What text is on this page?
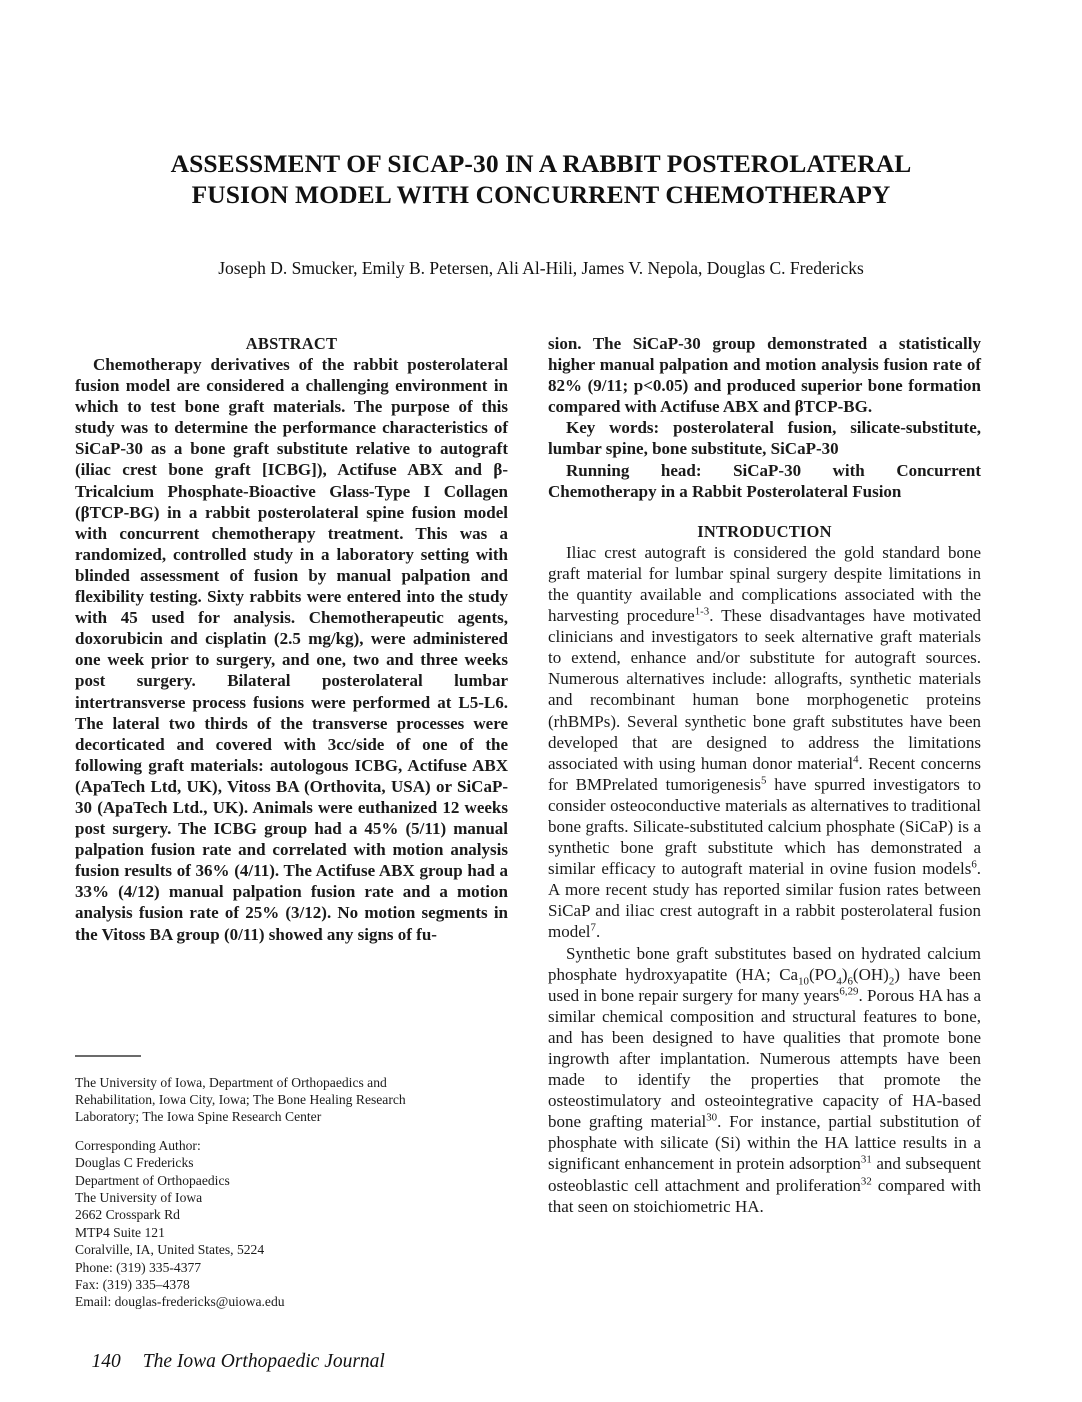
ASSESSMENT OF SICAP-30 IN A RABBIT POSTEROLATERAL
FUSION MODEL WITH CONCURRENT CHEMOTHERAPY

Joseph D. Smucker, Emily B. Petersen, Ali Al-Hili, James V. Nepola, Douglas C. Fredericks

ABSTRACT

Chemotherapy derivatives of the rabbit posterolateral fusion model are considered a challenging environment in which to test bone graft materials. The purpose of this study was to determine the performance characteristics of SiCaP-30 as a bone graft substitute relative to autograft (iliac crest bone graft [ICBG]), Actifuse ABX and β-Tricalcium Phosphate-Bioactive Glass-Type I Collagen (βTCP-BG) in a rabbit posterolateral spine fusion model with concurrent chemotherapy treatment. This was a randomized, controlled study in a laboratory setting with blinded assessment of fusion by manual palpation and flexibility testing. Sixty rabbits were entered into the study with 45 used for analysis. Chemotherapeutic agents, doxorubicin and cisplatin (2.5 mg/kg), were administered one week prior to surgery, and one, two and three weeks post surgery. Bilateral posterolateral lumbar intertransverse process fusions were performed at L5-L6. The lateral two thirds of the transverse processes were decorticated and covered with 3cc/side of one of the following graft materials: autologous ICBG, Actifuse ABX (ApaTech Ltd, UK), Vitoss BA (Orthovita, USA) or SiCaP-30 (ApaTech Ltd., UK). Animals were euthanized 12 weeks post surgery. The ICBG group had a 45% (5/11) manual palpation fusion rate and correlated with motion analysis fusion results of 36% (4/11). The Actifuse ABX group had a 33% (4/12) manual palpation fusion rate and a motion analysis fusion rate of 25% (3/12). No motion segments in the Vitoss BA group (0/11) showed any signs of fu-

sion. The SiCaP-30 group demonstrated a statistically higher manual palpation and motion analysis fusion rate of 82% (9/11; p<0.05) and produced superior bone formation compared with Actifuse ABX and βTCP-BG.

Key words: posterolateral fusion, silicate-substitute, lumbar spine, bone substitute, SiCaP-30

Running head: SiCaP-30 with Concurrent Chemotherapy in a Rabbit Posterolateral Fusion

INTRODUCTION

Iliac crest autograft is considered the gold standard bone graft material for lumbar spinal surgery despite limitations in the quantity available and complications associated with the harvesting procedure$^{1-3}$. These disadvantages have motivated clinicians and investigators to seek alternative graft materials to extend, enhance and/or substitute for autograft sources. Numerous alternatives include: allografts, synthetic materials and recombinant human bone morphogenetic proteins (rhBMPs). Several synthetic bone graft substitutes have been developed that are designed to address the limitations associated with using human donor material$^4$. Recent concerns for BMPrelated tumorigenesis$^5$ have spurred investigators to consider osteoconductive materials as alternatives to traditional bone grafts. Silicate-substituted calcium phosphate (SiCaP) is a synthetic bone graft substitute which has demonstrated a similar efficacy to autograft material in ovine fusion models$^6$. A more recent study has reported similar fusion rates between SiCaP and iliac crest autograft in a rabbit posterolateral fusion model$^7$.

Synthetic bone graft substitutes based on hydrated calcium phosphate hydroxyapatite (HA; $Ca_{10}(PO_4)_6(OH)_2$) have been used in bone repair surgery for many years$^{6,29}$. Porous HA has a similar chemical composition and structural features to bone, and has been designed to have qualities that promote bone ingrowth after implantation. Numerous attempts have been made to identify the properties that promote the osteostimulatory and osteointegrative capacity of HA-based bone grafting material$^{30}$. For instance, partial substitution of phosphate with silicate (Si) within the HA lattice results in a significant enhancement in protein adsorption$^{31}$ and subsequent osteoblastic cell attachment and proliferation$^{32}$ compared with that seen on stoichiometric HA.

The University of Iowa, Department of Orthopaedics and
Rehabilitation, Iowa City, Iowa; The Bone Healing Research
Laboratory; The Iowa Spine Research Center

Corresponding Author:
Douglas C Fredericks
Department of Orthopaedics
The University of Iowa
2662 Crosspark Rd
MTP4 Suite 121
Coralville, IA, United States, 5224
Phone: (319) 335-4377
Fax: (319) 335–4378
Email: douglas-fredericks@uiowa.edu

140 The Iowa Orthopaedic Journal
